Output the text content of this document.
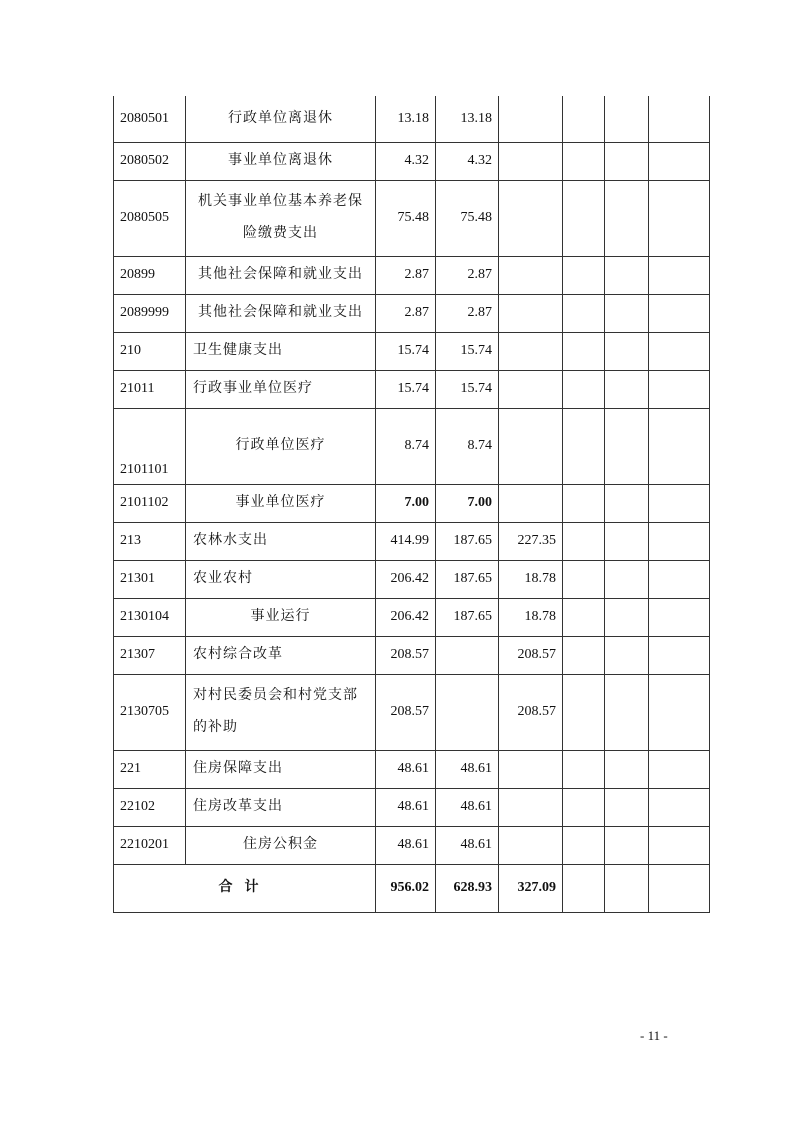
2080501	行政单位离退休	13.18	13.18				
2080502	事业单位离退休	4.32	4.32				
2080505	机关事业单位基本养老保险缴费支出	75.48	75.48				
20899	其他社会保障和就业支出	2.87	2.87				
2089999	其他社会保障和就业支出	2.87	2.87				
210	卫生健康支出	15.74	15.74				
21011	行政事业单位医疗	15.74	15.74				
2101101	行政单位医疗	8.74	8.74				
2101102	事业单位医疗	7.00	7.00				
213	农林水支出	414.99	187.65	227.35			
21301	农业农村	206.42	187.65	18.78			
2130104	事业运行	206.42	187.65	18.78			
21307	农村综合改革	208.57		208.57			
2130705	对村民委员会和村党支部的补助	208.57		208.57			
221	住房保障支出	48.61	48.61				
22102	住房改革支出	48.61	48.61				
2210201	住房公积金	48.61	48.61				
合计		956.02	628.93	327.09			
- 11 -
